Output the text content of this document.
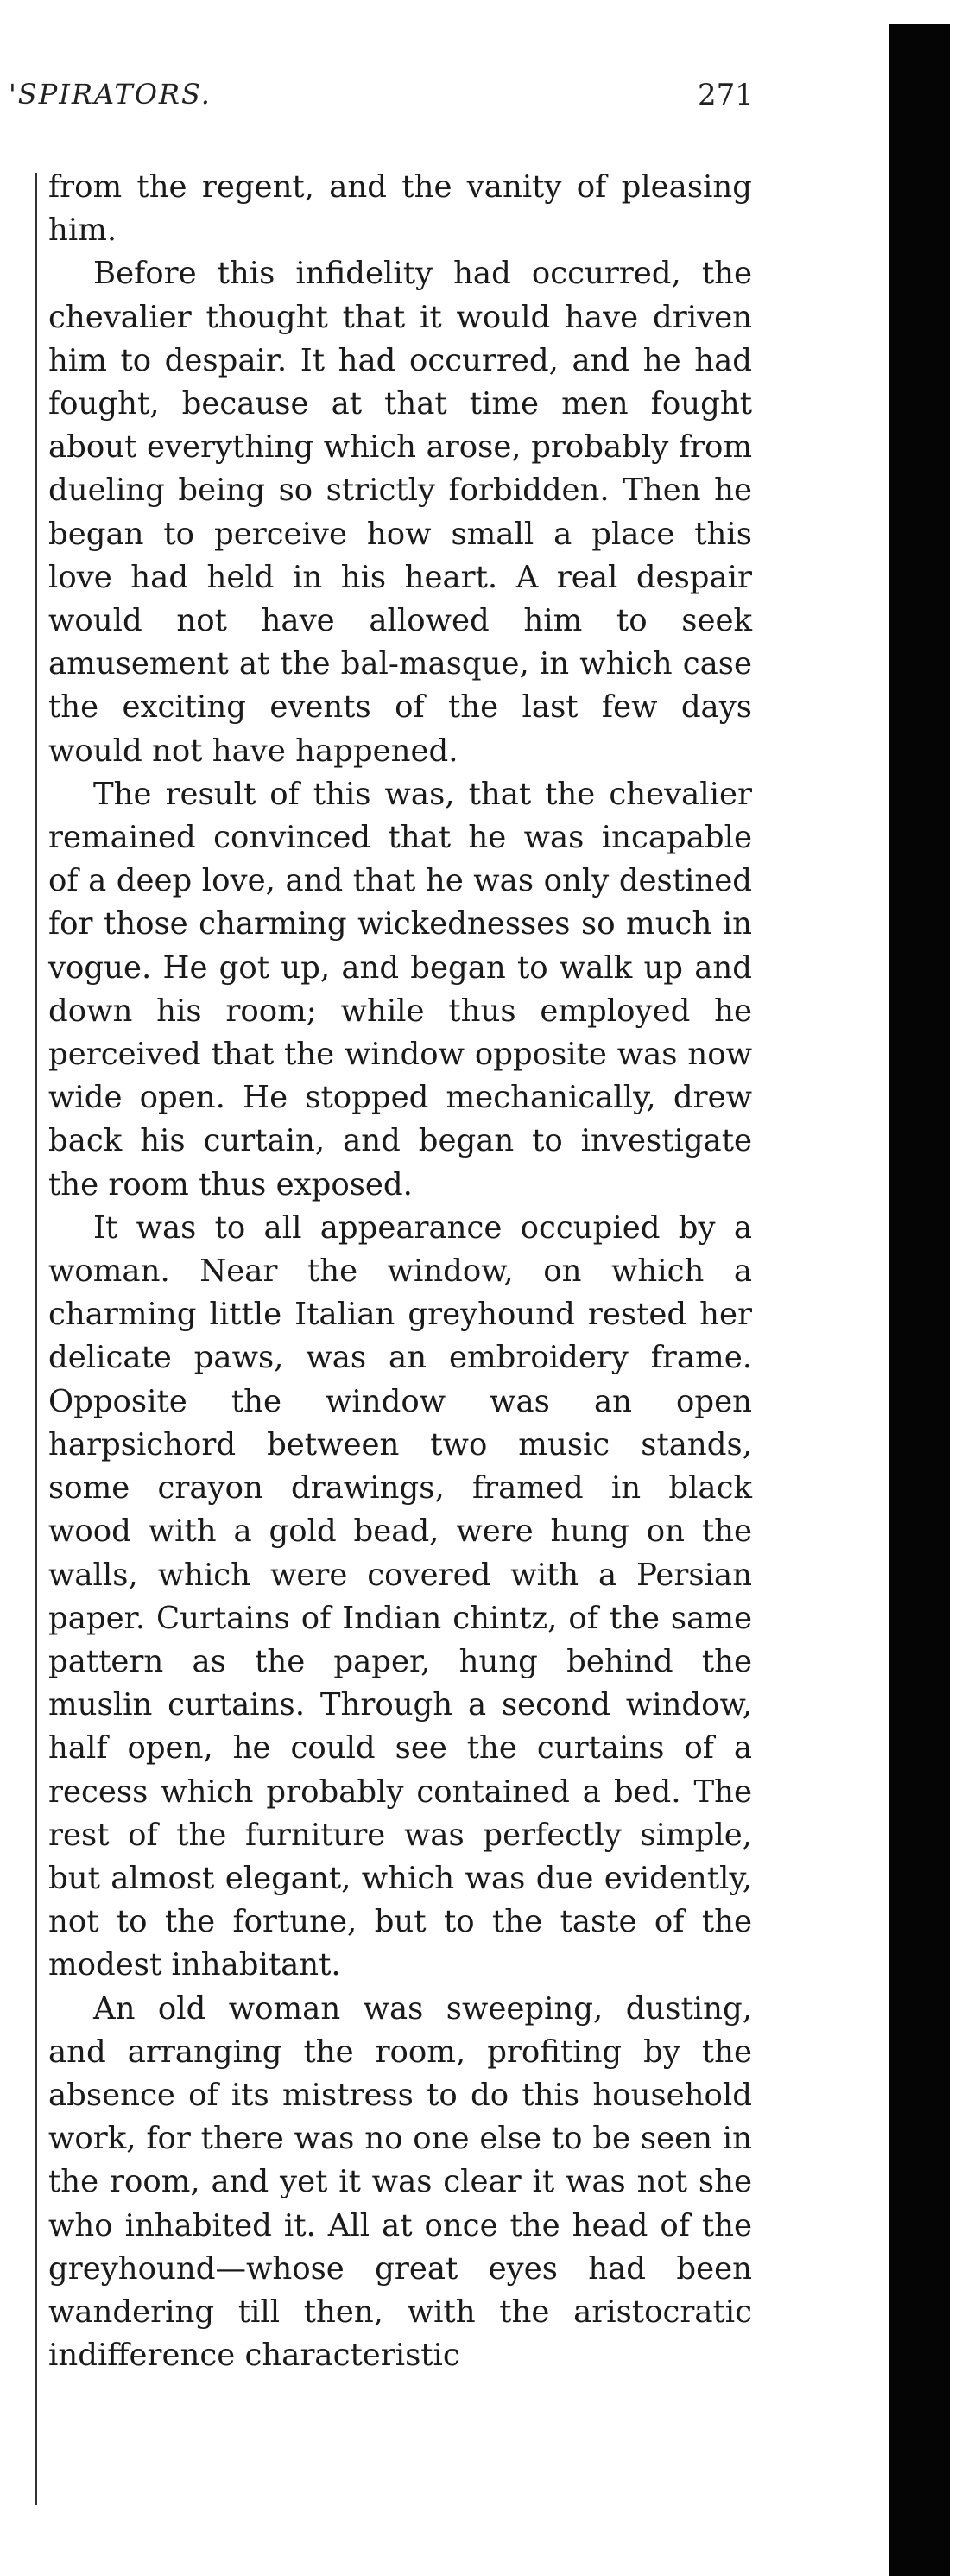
'SPIRATORS.	271

from the regent, and the vanity of pleasing him.

Before this infidelity had occurred, the chevalier thought that it would have driven him to despair. It had occurred, and he had fought, because at that time men fought about everything which arose, probably from dueling being so strictly forbidden. Then he began to perceive how small a place this love had held in his heart. A real despair would not have allowed him to seek amusement at the bal-masque, in which case the exciting events of the last few days would not have happened.

The result of this was, that the chevalier remained convinced that he was incapable of a deep love, and that he was only destined for those charming wickednesses so much in vogue. He got up, and began to walk up and down his room; while thus employed he perceived that the window opposite was now wide open. He stopped mechanically, drew back his curtain, and began to investigate the room thus exposed.

It was to all appearance occupied by a woman. Near the window, on which a charming little Italian greyhound rested her delicate paws, was an embroidery frame. Opposite the window was an open harpsichord between two music stands, some crayon drawings, framed in black wood with a gold bead, were hung on the walls, which were covered with a Persian paper. Curtains of Indian chintz, of the same pattern as the paper, hung behind the muslin curtains. Through a second window, half open, he could see the curtains of a recess which probably contained a bed. The rest of the furniture was perfectly simple, but almost elegant, which was due evidently, not to the fortune, but to the taste of the modest inhabitant.

An old woman was sweeping, dusting, and arranging the room, profiting by the absence of its mistress to do this household work, for there was no one else to be seen in the room, and yet it was clear it was not she who inhabited it. All at once the head of the greyhound—whose great eyes had been wandering till then, with the aristocratic indifference characteristic
